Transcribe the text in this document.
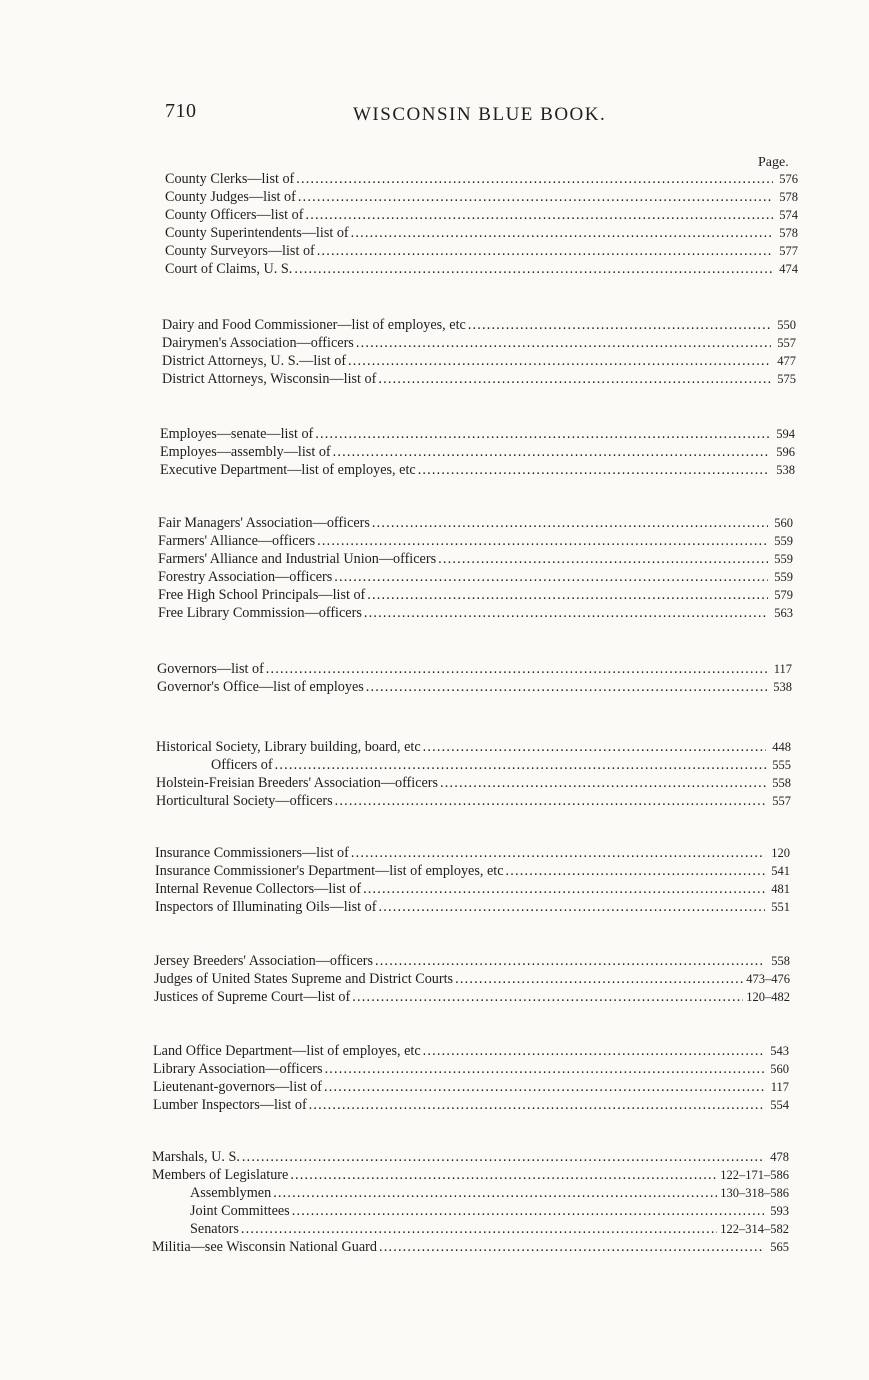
710	WISCONSIN BLUE BOOK.
Page.
County Clerks—list of .....	576
County Judges—list of .....	578
County Officers—list of .....	574
County Superintendents—list of .....	578
County Surveyors—list of .....	577
Court of Claims, U. S. .....	474
Dairy and Food Commissioner—list of employes, etc .....	550
Dairymen's Association—officers .....	557
District Attorneys, U. S.—list of .....	477
District Attorneys, Wisconsin—list of .....	575
Employes—senate—list of .....	594
Employes—assembly—list of .....	596
Executive Department—list of employes, etc .....	538
Fair Managers' Association—officers .....	560
Farmers' Alliance—officers .....	559
Farmers' Alliance and Industrial Union—officers .....	559
Forestry Association—officers .....	559
Free High School Principals—list of .....	579
Free Library Commission—officers .....	563
Governors—list of .....	117
Governor's Office—list of employes .....	538
Historical Society, Library building, board, etc .....	448
Officers of .....	555
Holstein-Freisian Breeders' Association—officers .....	558
Horticultural Society—officers .....	557
Insurance Commissioners—list of .....	120
Insurance Commissioner's Department—list of employes, etc .....	541
Internal Revenue Collectors—list of .....	481
Inspectors of Illuminating Oils—list of .....	551
Jersey Breeders' Association—officers .....	558
Judges of United States Supreme and District Courts .....	473–476
Justices of Supreme Court—list of .....	120–482
Land Office Department—list of employes, etc .....	543
Library Association—officers .....	560
Lieutenant-governors—list of .....	117
Lumber Inspectors—list of .....	554
Marshals, U. S. .....	478
Members of Legislature .....	122–171–586
Assemblymen .....	130–318–586
Joint Committees .....	593
Senators .....	122–314–582
Militia—see Wisconsin National Guard .....	565
